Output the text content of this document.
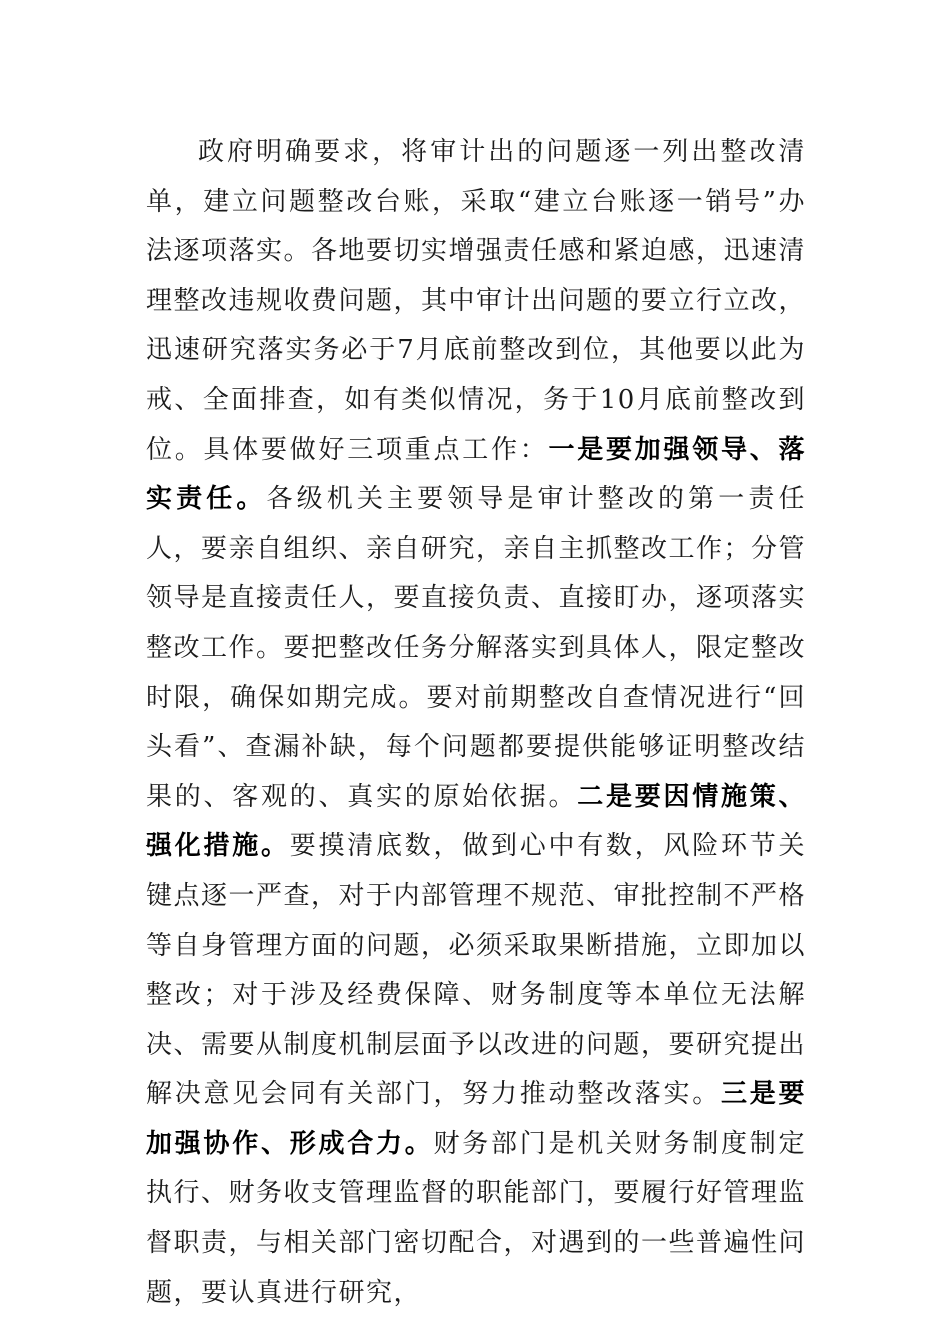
政府明确要求，将审计出的问题逐一列出整改清单，建立问题整改台账，采取“建立台账逐一销号”办法逐项落实。各地要切实增强责任感和紧迫感，迅速清理整改违规收费问题，其中审计出问题的要立行立改，迅速研究落实务必于7月底前整改到位，其他要以此为戒、全面排查，如有类似情况，务于10月底前整改到位。具体要做好三项重点工作：一是要加强领导、落实责任。各级机关主要领导是审计整改的第一责任人，要亲自组织、亲自研究，亲自主抓整改工作；分管领导是直接责任人，要直接负责、直接盯办，逐项落实整改工作。要把整改任务分解落实到具体人，限定整改时限，确保如期完成。要对前期整改自查情况进行“回头看”、查漏补缺，每个问题都要提供能够证明整改结果的、客观的、真实的原始依据。二是要因情施策、强化措施。要摸清底数，做到心中有数，风险环节关键点逐一严查，对于内部管理不规范、审批控制不严格等自身管理方面的问题，必须采取果断措施，立即加以整改；对于涉及经费保障、财务制度等本单位无法解决、需要从制度机制层面予以改进的问题，要研究提出解决意见会同有关部门，努力推动整改落实。三是要加强协作、形成合力。财务部门是机关财务制度制定执行、财务收支管理监督的职能部门，要履行好管理监督职责，与相关部门密切配合，对遇到的一些普遍性问题，要认真进行研究，
